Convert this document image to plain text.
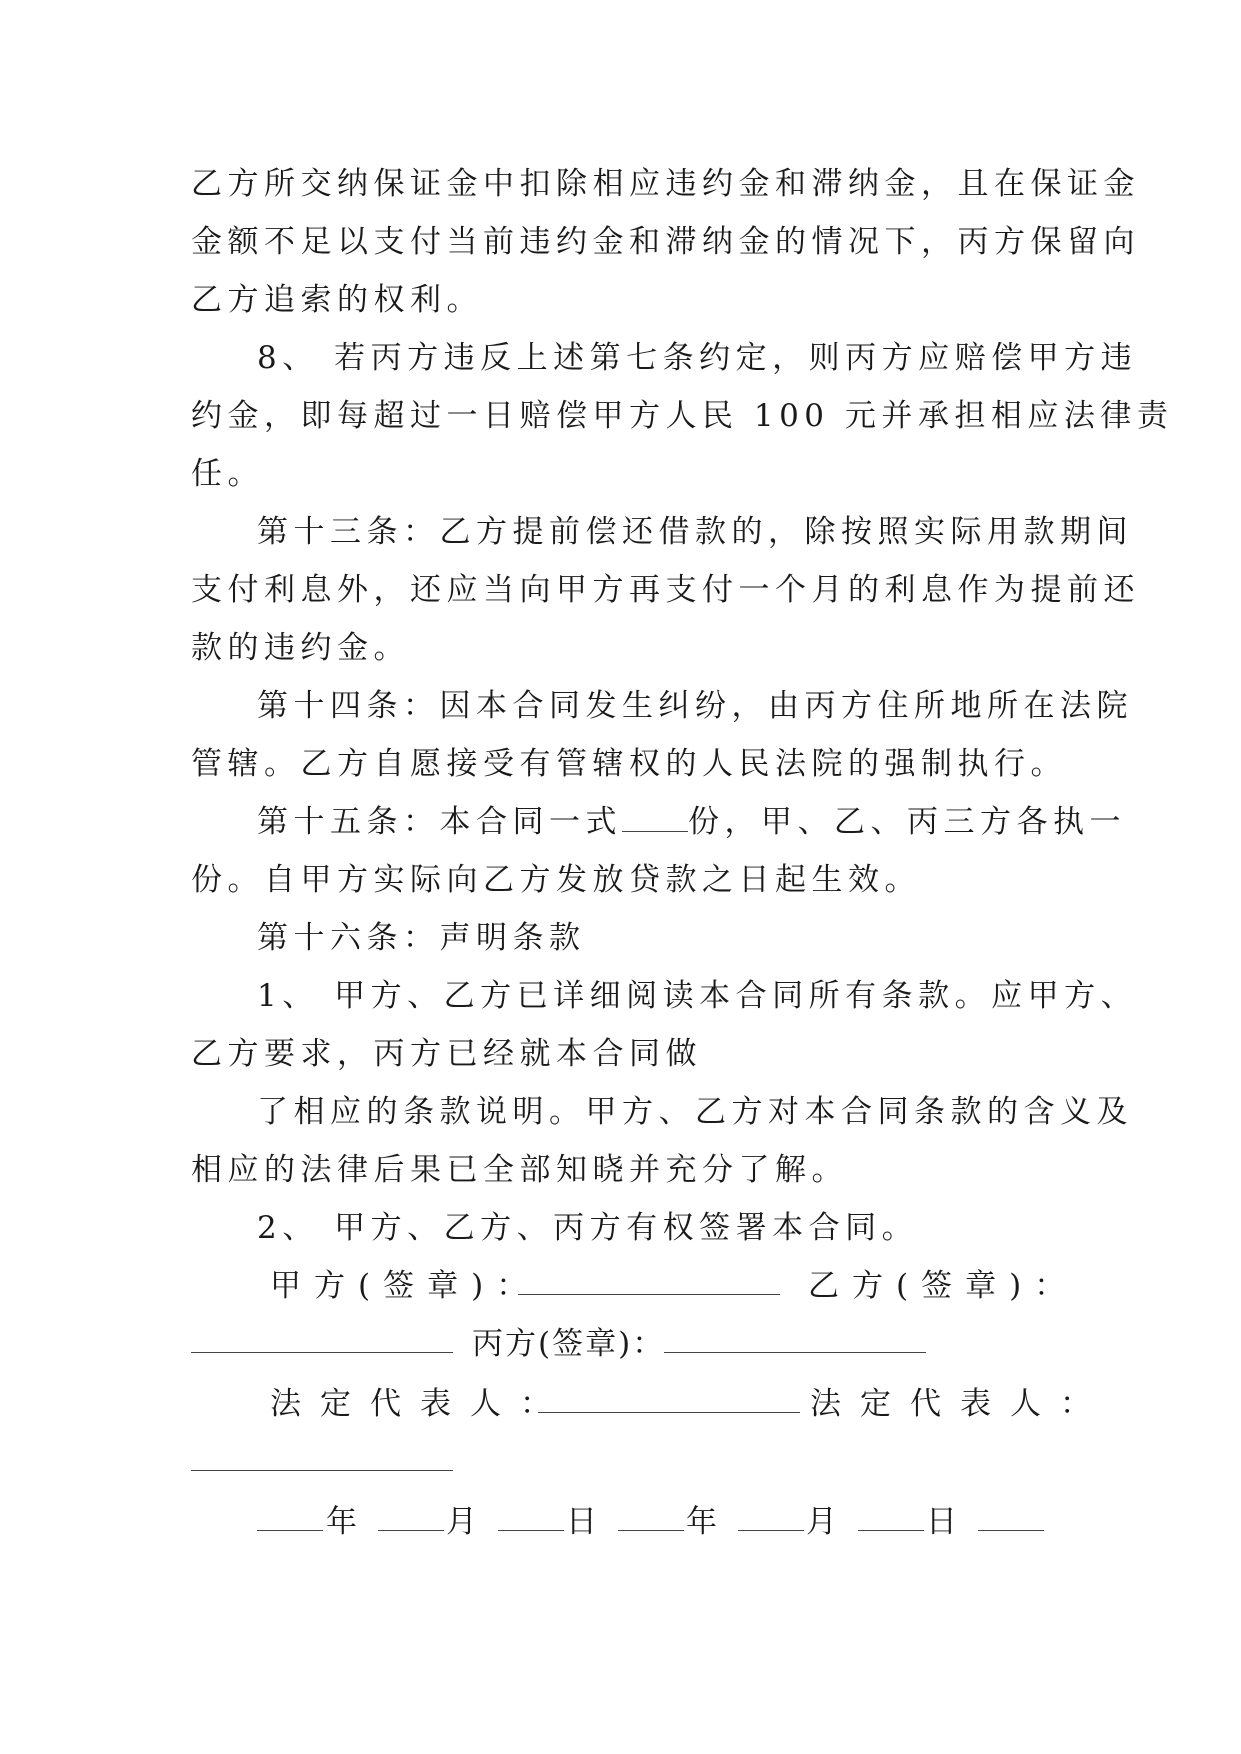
乙方所交纳保证金中扣除相应违约金和滞纳金，且在保证金
金额不足以支付当前违约金和滞纳金的情况下，丙方保留向
乙方追索的权利。
8、 若丙方违反上述第七条约定，则丙方应赔偿甲方违
约金，即每超过一日赔偿甲方人民 100 元并承担相应法律责
任。
第十三条：乙方提前偿还借款的，除按照实际用款期间
支付利息外，还应当向甲方再支付一个月的利息作为提前还
款的违约金。
第十四条：因本合同发生纠纷，由丙方住所地所在法院
管辖。乙方自愿接受有管辖权的人民法院的强制执行。
第十五条：本合同一式 份，甲、乙、丙三方各执一
份。自甲方实际向乙方发放贷款之日起生效。
第十六条：声明条款
1、 甲方、乙方已详细阅读本合同所有条款。应甲方、
乙方要求，丙方已经就本合同做
了相应的条款说明。甲方、乙方对本合同条款的含义及
相应的法律后果已全部知晓并充分了解。
2、 甲方、乙方、丙方有权签署本合同。
甲方(签章)：	乙方(签章)：
丙方(签章)：
法定代表人：	法定代表人：
年	月	日	年	月	日
